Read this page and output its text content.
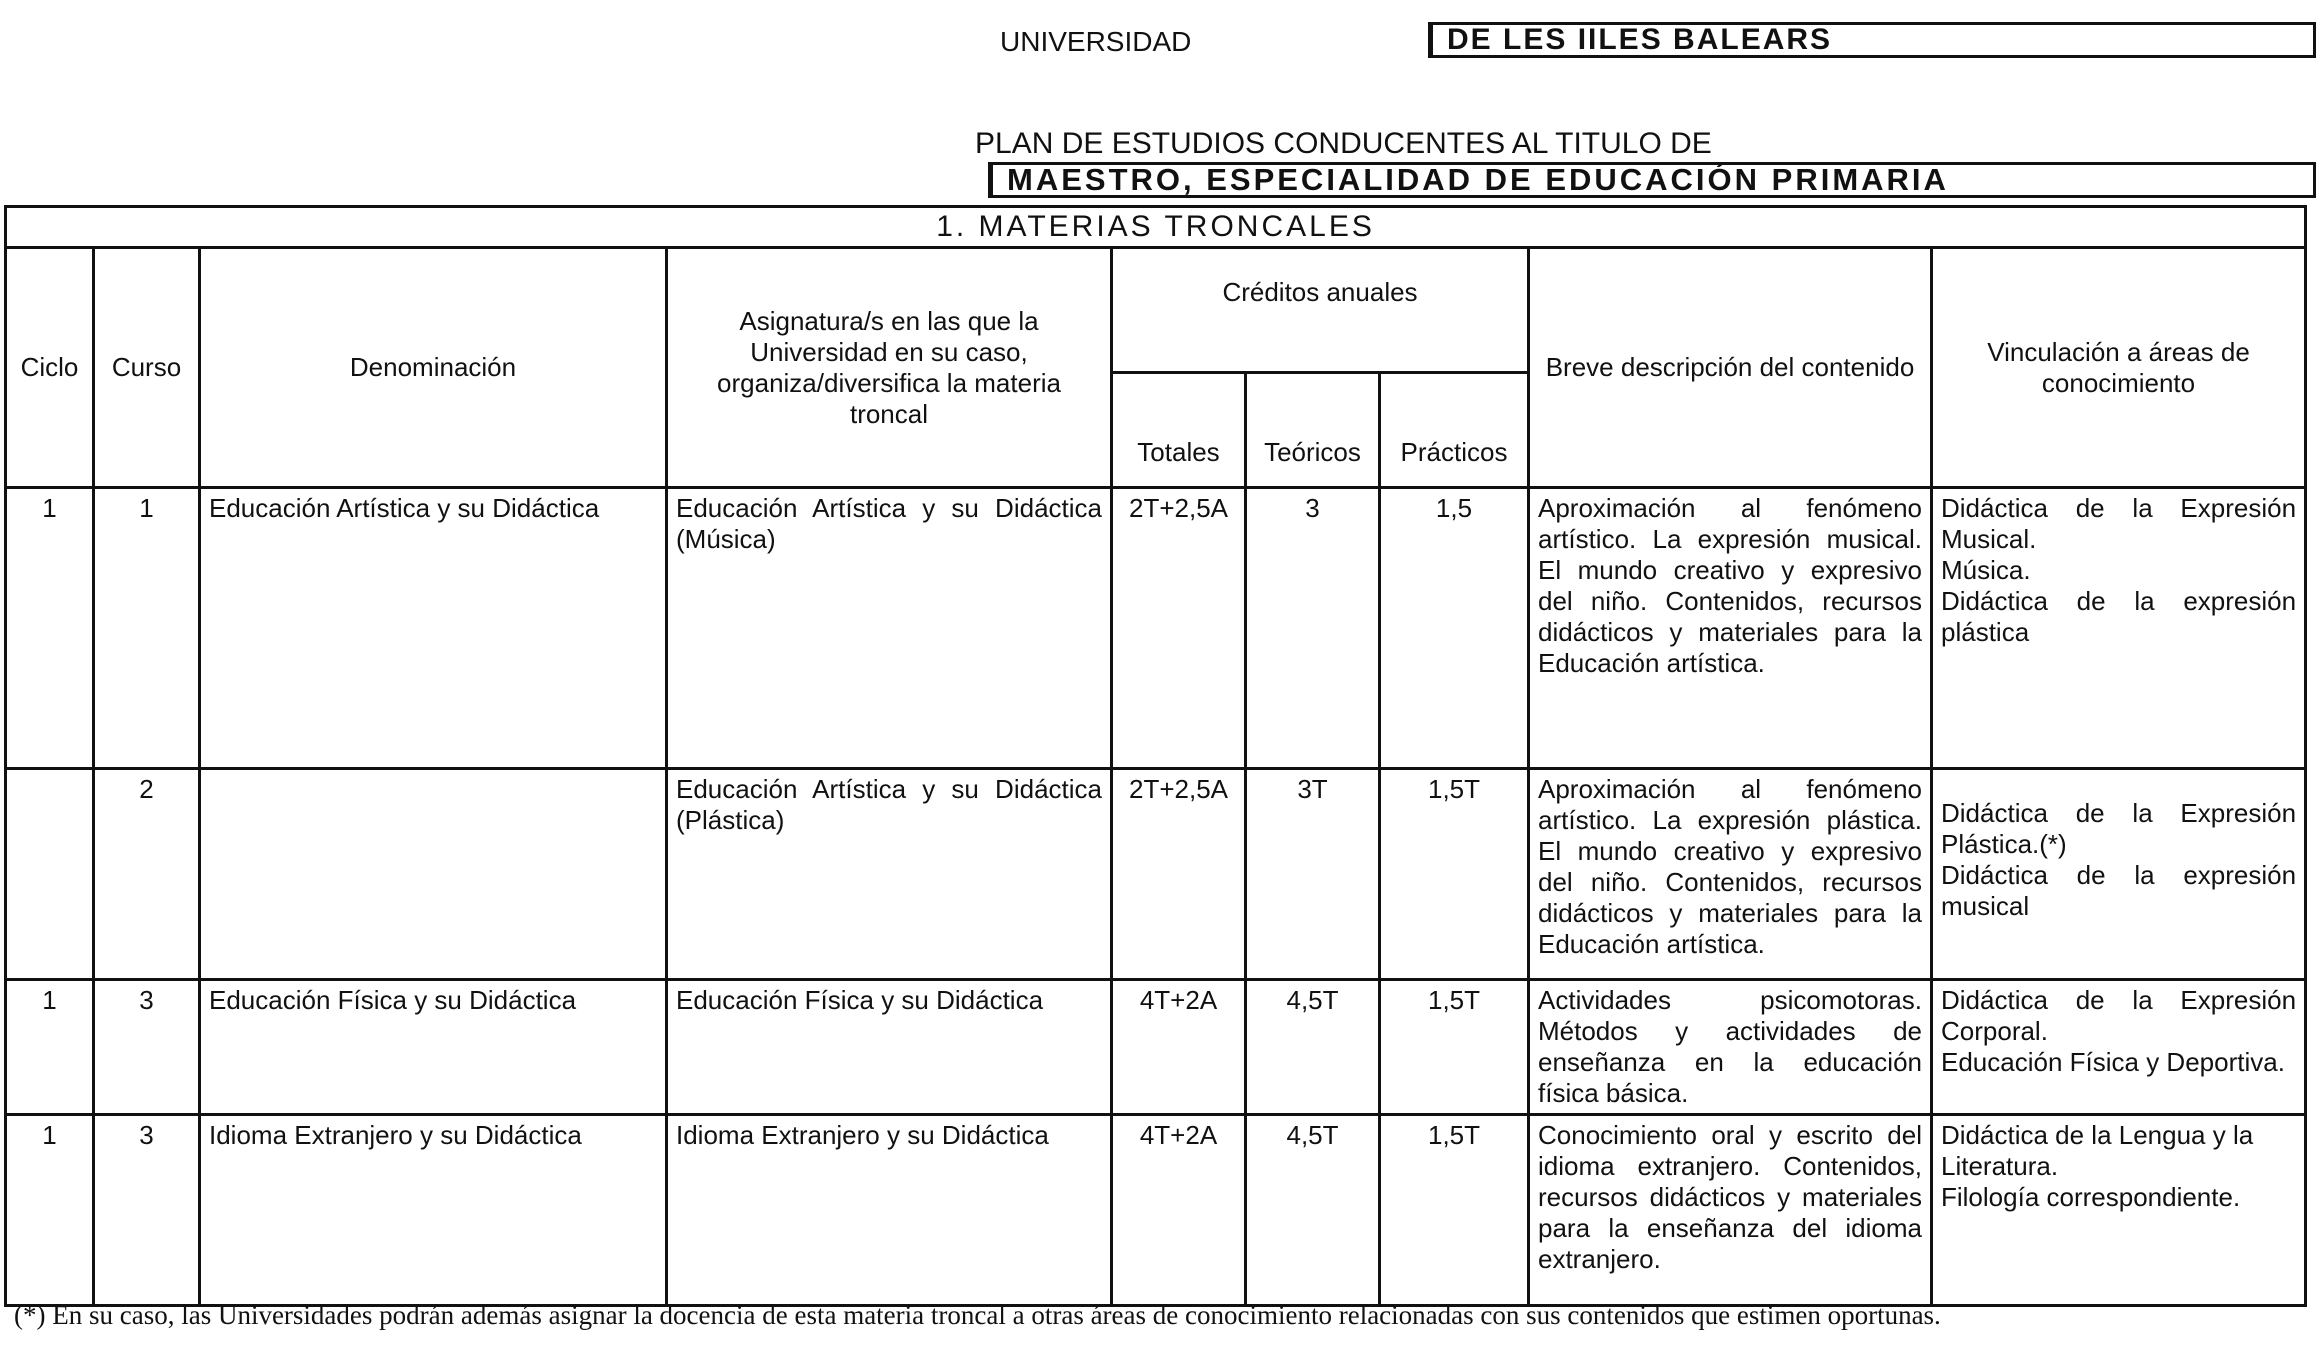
UNIVERSIDAD	DE LES IILES BALEARS
PLAN DE ESTUDIOS CONDUCENTES AL TITULO DE
MAESTRO, ESPECIALIDAD DE EDUCACIÓN PRIMARIA
1. MATERIAS TRONCALES								
Ciclo	Curso	Denominación	Asignatura/s en las que la Universidad en su caso, organiza/diversifica la materia troncal	Créditos anuales			Breve descripción del contenido	Vinculación a áreas de conocimiento
				Totales	Teóricos	Prácticos		
1	1	Educación Artística y su Didáctica	Educación Artística y su Didáctica (Música)	2T+2,5A	3	1,5	Aproximación al fenómeno artístico. La expresión musical. El mundo creativo y expresivo del niño. Contenidos, recursos didácticos y materiales para la Educación artística.	Didáctica de la Expresión Musical.
Música.
Didáctica de la expresión plástica

	2		Educación Artística y su Didáctica (Plástica)	2T+2,5A	3T	1,5T	Aproximación al fenómeno artístico. La expresión plástica. El mundo creativo y expresivo del niño. Contenidos, recursos didácticos y materiales para la Educación artística.	Didáctica de la Expresión Plástica.(*)
Didáctica de la expresión musical

1	3	Educación Física y su Didáctica	Educación Física y su Didáctica	4T+2A	4,5T	1,5T	Actividades psicomotoras. Métodos y actividades de enseñanza en la educación física básica.	Didáctica de la Expresión Corporal.
Educación Física y Deportiva.

1	3	Idioma Extranjero y su Didáctica	Idioma Extranjero y su Didáctica	4T+2A	4,5T	1,5T	Conocimiento oral y escrito del idioma extranjero. Contenidos, recursos didácticos y materiales para la enseñanza del idioma extranjero.	Didáctica de la Lengua y la Literatura.
Filología correspondiente.
(*) En su caso, las Universidades podrán además asignar la docencia de esta materia troncal a otras áreas de conocimiento relacionadas con sus contenidos que estimen oportunas.
